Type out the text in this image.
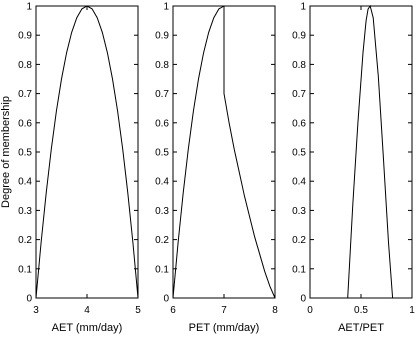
Degree of membership
0
0.1
0.2
0.3
0.4
0.5
0.6
0.7
0.8
0.9
1
3	4	5
AET (mm/day)
0
0.1
0.2
0.3
0.4
0.5
0.6
0.7
0.8
0.9
1
6	7	8
PET (mm/day)
0
0.1
0.2
0.3
0.4
0.5
0.6
0.7
0.8
0.9
1
0	0.5	1
AET/PET
